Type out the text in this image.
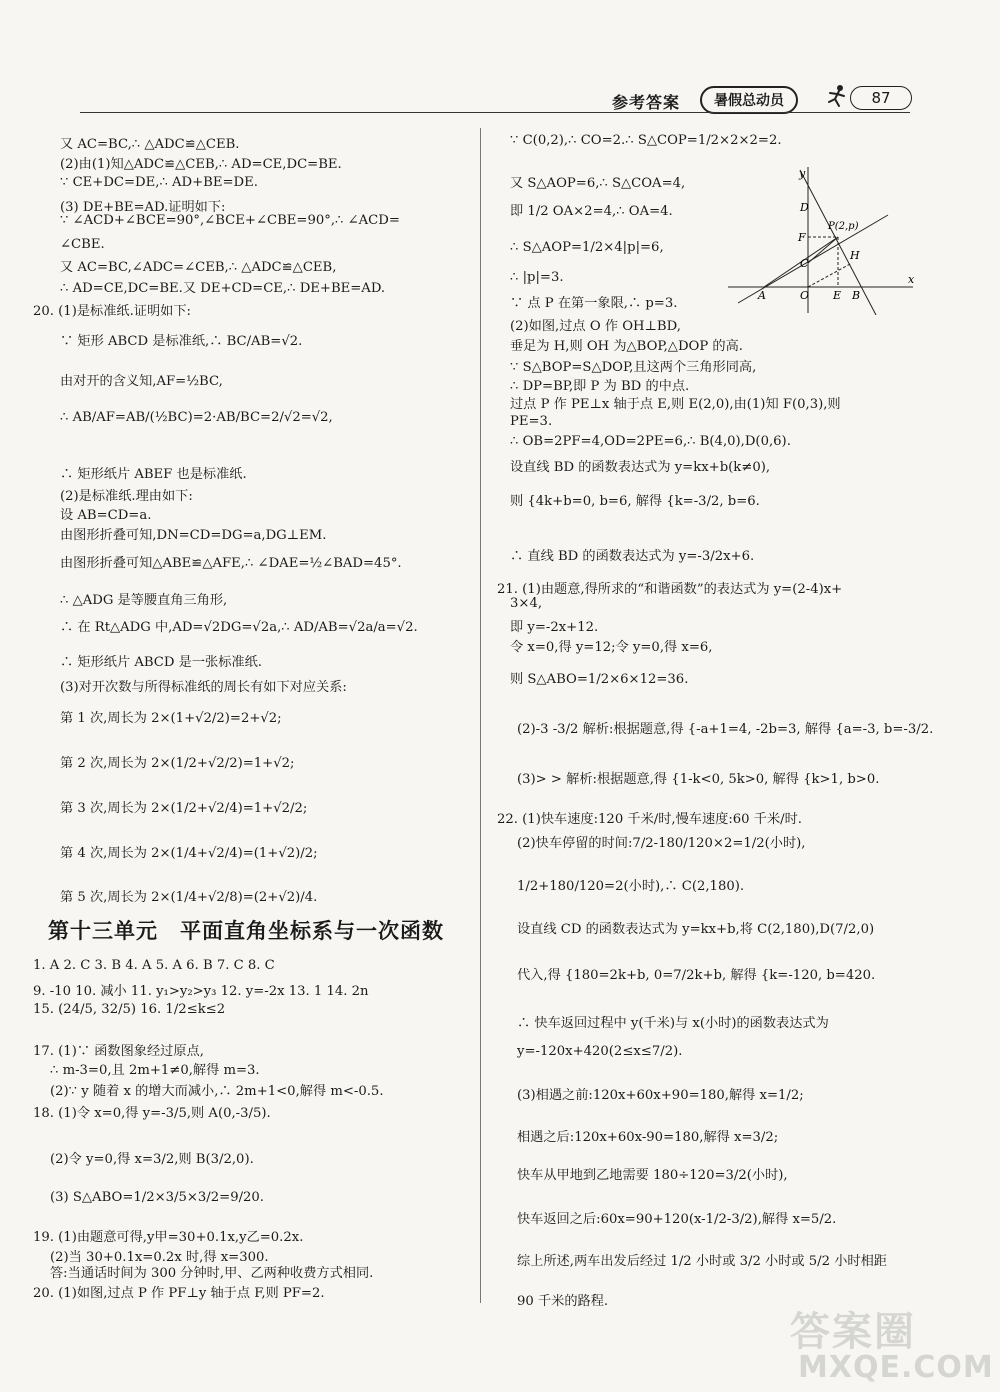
参考答案	暑假总动员	87
又 AC=BC,∴ △ADC≌△CEB.
(2)由(1)知△ADC≌△CEB,∴ AD=CE,DC=BE.
∵ CE+DC=DE,∴ AD+BE=DE.
(3) DE+BE=AD.证明如下:
∵ ∠ACD+∠BCE=90°,∠BCE+∠CBE=90°,∴ ∠ACD=
∠CBE.
又 AC=BC,∠ADC=∠CEB,∴ △ADC≌△CEB,
∴ AD=CE,DC=BE.又 DE+CD=CE,∴ DE+BE=AD.
20. (1)是标准纸.证明如下:
∵ 矩形 ABCD 是标准纸,∴ BC/AB=√2.
由对开的含义知,AF=½BC,
∴ AB/AF=AB/(½BC)=2·AB/BC=2/√2=√2,
∴ 矩形纸片 ABEF 也是标准纸.
(2)是标准纸.理由如下:
设 AB=CD=a.
由图形折叠可知,DN=CD=DG=a,DG⊥EM.
由图形折叠可知△ABE≌△AFE,∴ ∠DAE=½∠BAD=45°.
∴ △ADG 是等腰直角三角形,
∴ 在 Rt△ADG 中,AD=√2DG=√2a,∴ AD/AB=√2a/a=√2.
∴ 矩形纸片 ABCD 是一张标准纸.
(3)对开次数与所得标准纸的周长有如下对应关系:
第 1 次,周长为 2×(1+√2/2)=2+√2;
第 2 次,周长为 2×(1/2+√2/2)=1+√2;
第 3 次,周长为 2×(1/2+√2/4)=1+√2/2;
第 4 次,周长为 2×(1/4+√2/4)=(1+√2)/2;
第 5 次,周长为 2×(1/4+√2/8)=(2+√2)/4.
第十三单元　平面直角坐标系与一次函数
1. A 2. C 3. B 4. A 5. A 6. B 7. C 8. C
9. -10 10. 减小 11. y₁>y₂>y₃ 12. y=-2x 13. 1 14. 2n
15. (24/5, 32/5) 16. 1/2≤k≤2
17. (1)∵ 函数图象经过原点,
∴ m-3=0,且 2m+1≠0,解得 m=3.
(2)∵ y 随着 x 的增大而减小,∴ 2m+1<0,解得 m<-0.5.
18. (1)令 x=0,得 y=-3/5,则 A(0,-3/5).
(2)令 y=0,得 x=3/2,则 B(3/2,0).
(3) S△ABO=1/2×3/5×3/2=9/20.
19. (1)由题意可得,y甲=30+0.1x,y乙=0.2x.
(2)当 30+0.1x=0.2x 时,得 x=300.
答:当通话时间为 300 分钟时,甲、乙两种收费方式相同.
20. (1)如图,过点 P 作 PF⊥y 轴于点 F,则 PF=2.
∵ C(0,2),∴ CO=2.∴ S△COP=1/2×2×2=2.
又 S△AOP=6,∴ S△COA=4,
即 1/2 OA×2=4,∴ OA=4.
∴ S△AOP=1/2×4|p|=6,
∴ |p|=3.
∵ 点 P 在第一象限,∴ p=3.
(2)如图,过点 O 作 OH⊥BD,
垂足为 H,则 OH 为△BOP,△DOP 的高.
∵ S△BOP=S△DOP,且这两个三角形同高,
∴ DP=BP,即 P 为 BD 的中点.
过点 P 作 PE⊥x 轴于点 E,则 E(2,0),由(1)知 F(0,3),则
PE=3.
∴ OB=2PF=4,OD=2PE=6,∴ B(4,0),D(0,6).
设直线 BD 的函数表达式为 y=kx+b(k≠0),
则 {4k+b=0, b=6, 解得 {k=-3/2, b=6.
∴ 直线 BD 的函数表达式为 y=-3/2x+6.
21. (1)由题意,得所求的“和谐函数”的表达式为 y=(2-4)x+
3×4,
即 y=-2x+12.
令 x=0,得 y=12;令 y=0,得 x=6,
则 S△ABO=1/2×6×12=36.
(2)-3 -3/2 解析:根据题意,得 {-a+1=4, -2b=3, 解得 {a=-3, b=-3/2.
(3)> > 解析:根据题意,得 {1-k<0, 5k>0, 解得 {k>1, b>0.
22. (1)快车速度:120 千米/时,慢车速度:60 千米/时.
(2)快车停留的时间:7/2-180/120×2=1/2(小时),
1/2+180/120=2(小时),∴ C(2,180).
设直线 CD 的函数表达式为 y=kx+b,将 C(2,180),D(7/2,0)
代入,得 {180=2k+b, 0=7/2k+b, 解得 {k=-120, b=420.
∴ 快车返回过程中 y(千米)与 x(小时)的函数表达式为
y=-120x+420(2≤x≤7/2).
(3)相遇之前:120x+60x+90=180,解得 x=1/2;
相遇之后:120x+60x-90=180,解得 x=3/2;
快车从甲地到乙地需要 180÷120=3/2(小时),
快车返回之后:60x=90+120(x-1/2-3/2),解得 x=5/2.
综上所述,两车出发后经过 1/2 小时或 3/2 小时或 5/2 小时相距
90 千米的路程.
y
x
D
P(2,p)
F
H
C
A	O E B
答案圈
MXQE.COM
